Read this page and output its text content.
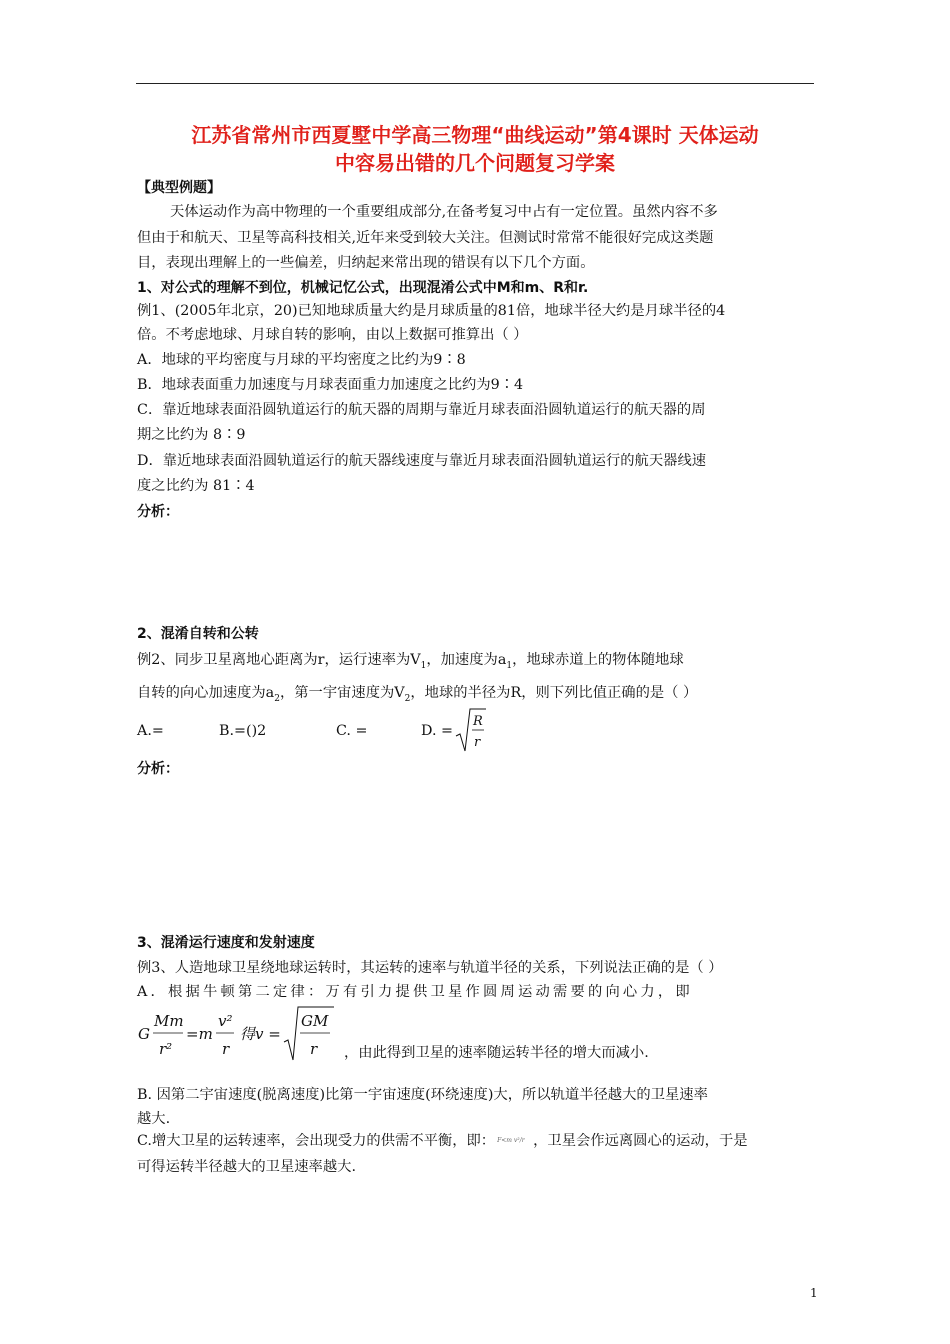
江苏省常州市西夏墅中学高三物理“曲线运动”第4课时 天体运动
中容易出错的几个问题复习学案
【典型例题】
天体运动作为高中物理的一个重要组成部分,在备考复习中占有一定位置。虽然内容不多
但由于和航天、卫星等高科技相关,近年来受到较大关注。但测试时常常不能很好完成这类题
目，表现出理解上的一些偏差，归纳起来常出现的错误有以下几个方面。
1、对公式的理解不到位，机械记忆公式，出现混淆公式中M和m、R和r.
例1、(2005年北京，20)已知地球质量大约是月球质量的81倍，地球半径大约是月球半径的4
倍。不考虑地球、月球自转的影响，由以上数据可推算出（ ）
A．地球的平均密度与月球的平均密度之比约为9∶8
B．地球表面重力加速度与月球表面重力加速度之比约为9∶4
C．靠近地球表面沿圆轨道运行的航天器的周期与靠近月球表面沿圆轨道运行的航天器的周
期之比约为 8∶9
D．靠近地球表面沿圆轨道运行的航天器线速度与靠近月球表面沿圆轨道运行的航天器线速
度之比约为 81∶4
分析：
2、混淆自转和公转
例2、同步卫星离地心距离为r，运行速率为$V_1$，加速度为$a_1$，地球赤道上的物体随地球
自转的向心加速度为$a_2$，第一宇宙速度为$V_2$，地球的半径为R，则下列比值正确的是（ ）
A.=	B.=()2	C. =	D. =
R
r
分析：
3、混淆运行速度和发射速度
例3、人造地球卫星绕地球运转时，其运转的速率与轨道半径的关系，下列说法正确的是（ ）
A．根据牛顿第二定律：万有引力提供卫星作圆周运动需要的向心力，即
G
Mm
r²
=m
v²
r
得v =
GM
r ，由此得到卫星的速率随运转半径的增大而减小.
B. 因第二宇宙速度(脱离速度)比第一宇宙速度(环绕速度)大，所以轨道半径越大的卫星速率
越大.
C.增大卫星的运转速率，会出现受力的供需不平衡，即： F<m v²/r ，卫星会作远离圆心的运动，于是
可得运转半径越大的卫星速率越大.
1
